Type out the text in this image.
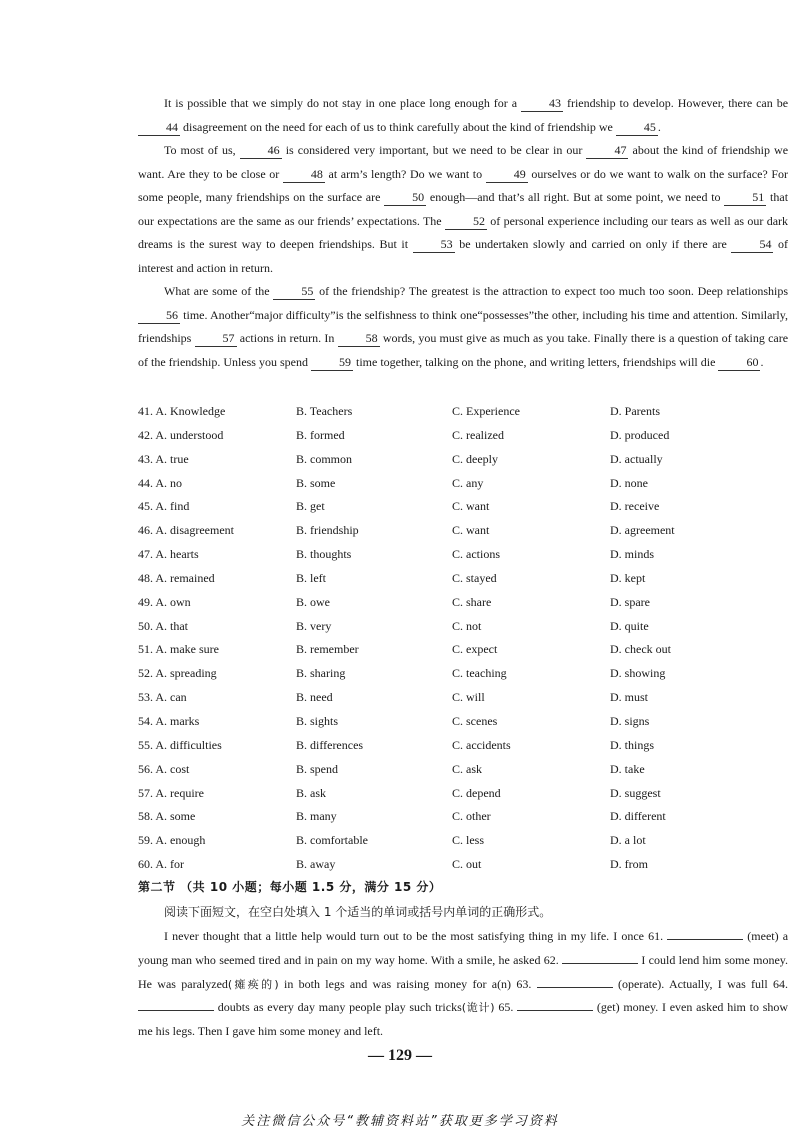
It is possible that we simply do not stay in one place long enough for a	43 friendship to develop. However, there can be 44 disagreement on the need for each of us to think carefully about the kind of friendship we	45 .

To most of us,	46 is considered very important, but we need to be clear in our	47 about the kind of friendship we want. Are they to be close or	48 at arm’s length? Do we want to	49 ourselves or do we want to walk on the surface? For some people, many friendships on the surface are	50 enough—and that’s all right. But at some point, we need to	51 that our expectations are the same as our friends’ expectations. The	52 of personal experience including our tears as well as our dark dreams is the surest way to deepen friendships. But it	53 be undertaken slowly and carried on only if there are	54 of interest and action in return.

What are some of the	55 of the friendship? The greatest is the attraction to expect too much too soon. Deep relationships 56 time. Another“major difficulty”is the selfishness to think one“possesses”the other, including his time and attention. Similarly, friendships	57 actions in return. In	58 words, you must give as much as you take. Finally there is a question of taking care of the friendship. Unless you spend	59 time together, talking on the phone, and writing letters, friendships will die	60 .

41. A. Knowledge	B. Teachers	C. Experience	D. Parents
42. A. understood	B. formed	C. realized	D. produced
43. A. true	B. common	C. deeply	D. actually
44. A. no	B. some	C. any	D. none
45. A. find	B. get	C. want	D. receive
46. A. disagreement	B. friendship	C. want	D. agreement
47. A. hearts	B. thoughts	C. actions	D. minds
48. A. remained	B. left	C. stayed	D. kept
49. A. own	B. owe	C. share	D. spare
50. A. that	B. very	C. not	D. quite
51. A. make sure	B. remember	C. expect	D. check out
52. A. spreading	B. sharing	C. teaching	D. showing
53. A. can	B. need	C. will	D. must
54. A. marks	B. sights	C. scenes	D. signs
55. A. difficulties	B. differences	C. accidents	D. things
56. A. cost	B. spend	C. ask	D. take
57. A. require	B. ask	C. depend	D. suggest
58. A. some	B. many	C. other	D. different
59. A. enough	B. comfortable	C. less	D. a lot
60. A. for	B. away	C. out	D. from
第二节 （共 10 小题；每小题 1.5 分，满分 15 分）
阅读下面短文，在空白处填入 1 个适当的单词或括号内单词的正确形式。

I never thought that a little help would turn out to be the most satisfying thing in my life. I once 61.	(meet) a young man who seemed tired and in pain on my way home. With a smile, he asked 62.	I could lend him some money. He was paralyzed(瘫痪的) in both legs and was raising money for a(n) 63.	(operate). Actually, I was full 64.  doubts as every day many people play such tricks(诡计) 65.	(get) money. I even asked him to show me his legs. Then I gave him some money and left.

— 129 —
关注微信公众号“教辅资料站”获取更多学习资料
